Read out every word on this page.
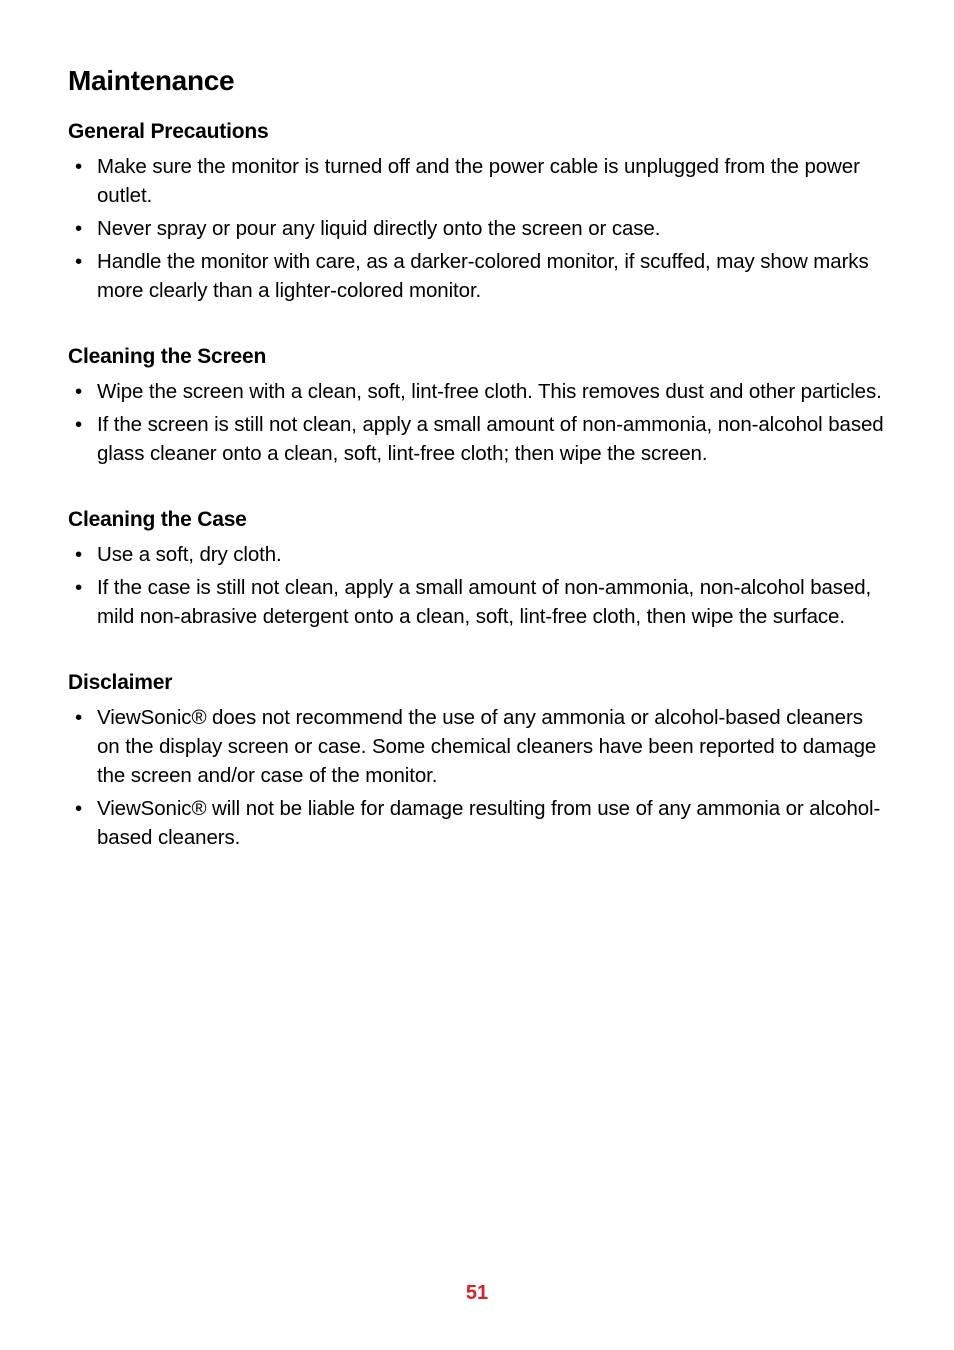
Maintenance
General Precautions
• Make sure the monitor is turned off and the power cable is unplugged from the power outlet.
• Never spray or pour any liquid directly onto the screen or case.
• Handle the monitor with care, as a darker-colored monitor, if scuffed, may show marks more clearly than a lighter-colored monitor.
Cleaning the Screen
• Wipe the screen with a clean, soft, lint-free cloth. This removes dust and other particles.
• If the screen is still not clean, apply a small amount of non-ammonia, non-alcohol based glass cleaner onto a clean, soft, lint-free cloth; then wipe the screen.
Cleaning the Case
• Use a soft, dry cloth.
• If the case is still not clean, apply a small amount of non-ammonia, non-alcohol based, mild non-abrasive detergent onto a clean, soft, lint-free cloth, then wipe the surface.
Disclaimer
• ViewSonic® does not recommend the use of any ammonia or alcohol-based cleaners on the display screen or case. Some chemical cleaners have been reported to damage the screen and/or case of the monitor.
• ViewSonic® will not be liable for damage resulting from use of any ammonia or alcohol-based cleaners.
51
